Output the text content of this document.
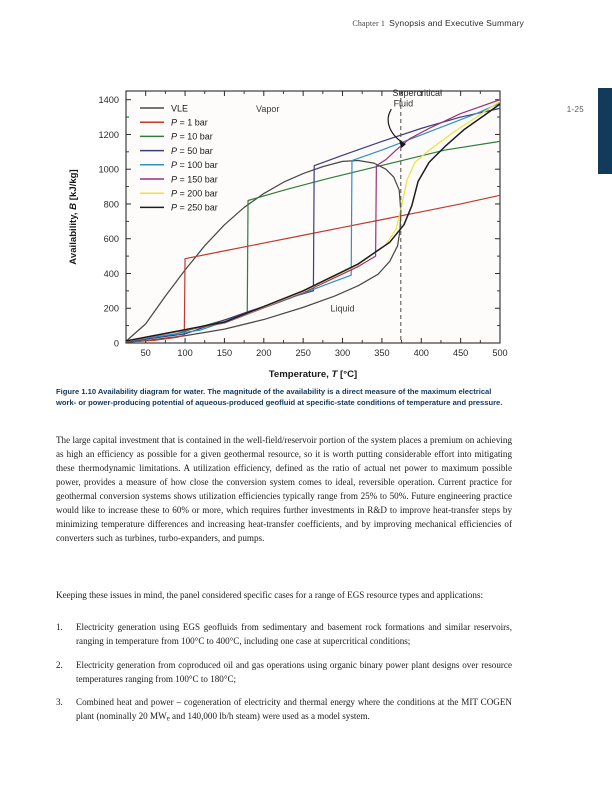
Chapter 1 Synopsis and Executive Summary
1-25
50	100	150	200	250	300	350	400	450	500
0
200
400
600
800
1000
1200
1400
Temperature, T [°C]
Availability, B [kJ/kg]
Vapor
Liquid
Supercritical Fluid
VLE
P = 1 bar
P = 10 bar
P = 50 bar
P = 100 bar
P = 150 bar
P = 200 bar
P = 250 bar
Figure 1.10 Availability diagram for water. The magnitude of the availability is a direct measure of the maximum electrical work- or power-producing potential of aqueous-produced geofluid at specific-state conditions of temperature and pressure.
The large capital investment that is contained in the well-field/reservoir portion of the system places a premium on achieving as high an efficiency as possible for a given geothermal resource, so it is worth putting considerable effort into mitigating these thermodynamic limitations. A utilization efficiency, defined as the ratio of actual net power to maximum possible power, provides a measure of how close the conversion system comes to ideal, reversible operation. Current practice for geothermal conversion systems shows utilization efficiencies typically range from 25% to 50%. Future engineering practice would like to increase these to 60% or more, which requires further investments in R&D to improve heat-transfer steps by minimizing temperature differences and increasing heat-transfer coefficients, and by improving mechanical efficiencies of converters such as turbines, turbo-expanders, and pumps.
Keeping these issues in mind, the panel considered specific cases for a range of EGS resource types and applications:
1.	Electricity generation using EGS geofluids from sedimentary and basement rock formations and similar reservoirs, ranging in temperature from 100°C to 400°C, including one case at supercritical conditions;
2.	Electricity generation from coproduced oil and gas operations using organic binary power plant designs over resource temperatures ranging from 100°C to 180°C;
3.	Combined heat and power – cogeneration of electricity and thermal energy where the conditions at the MIT COGEN plant (nominally 20 $MW_e$ and 140,000 lb/h steam) were used as a model system.
